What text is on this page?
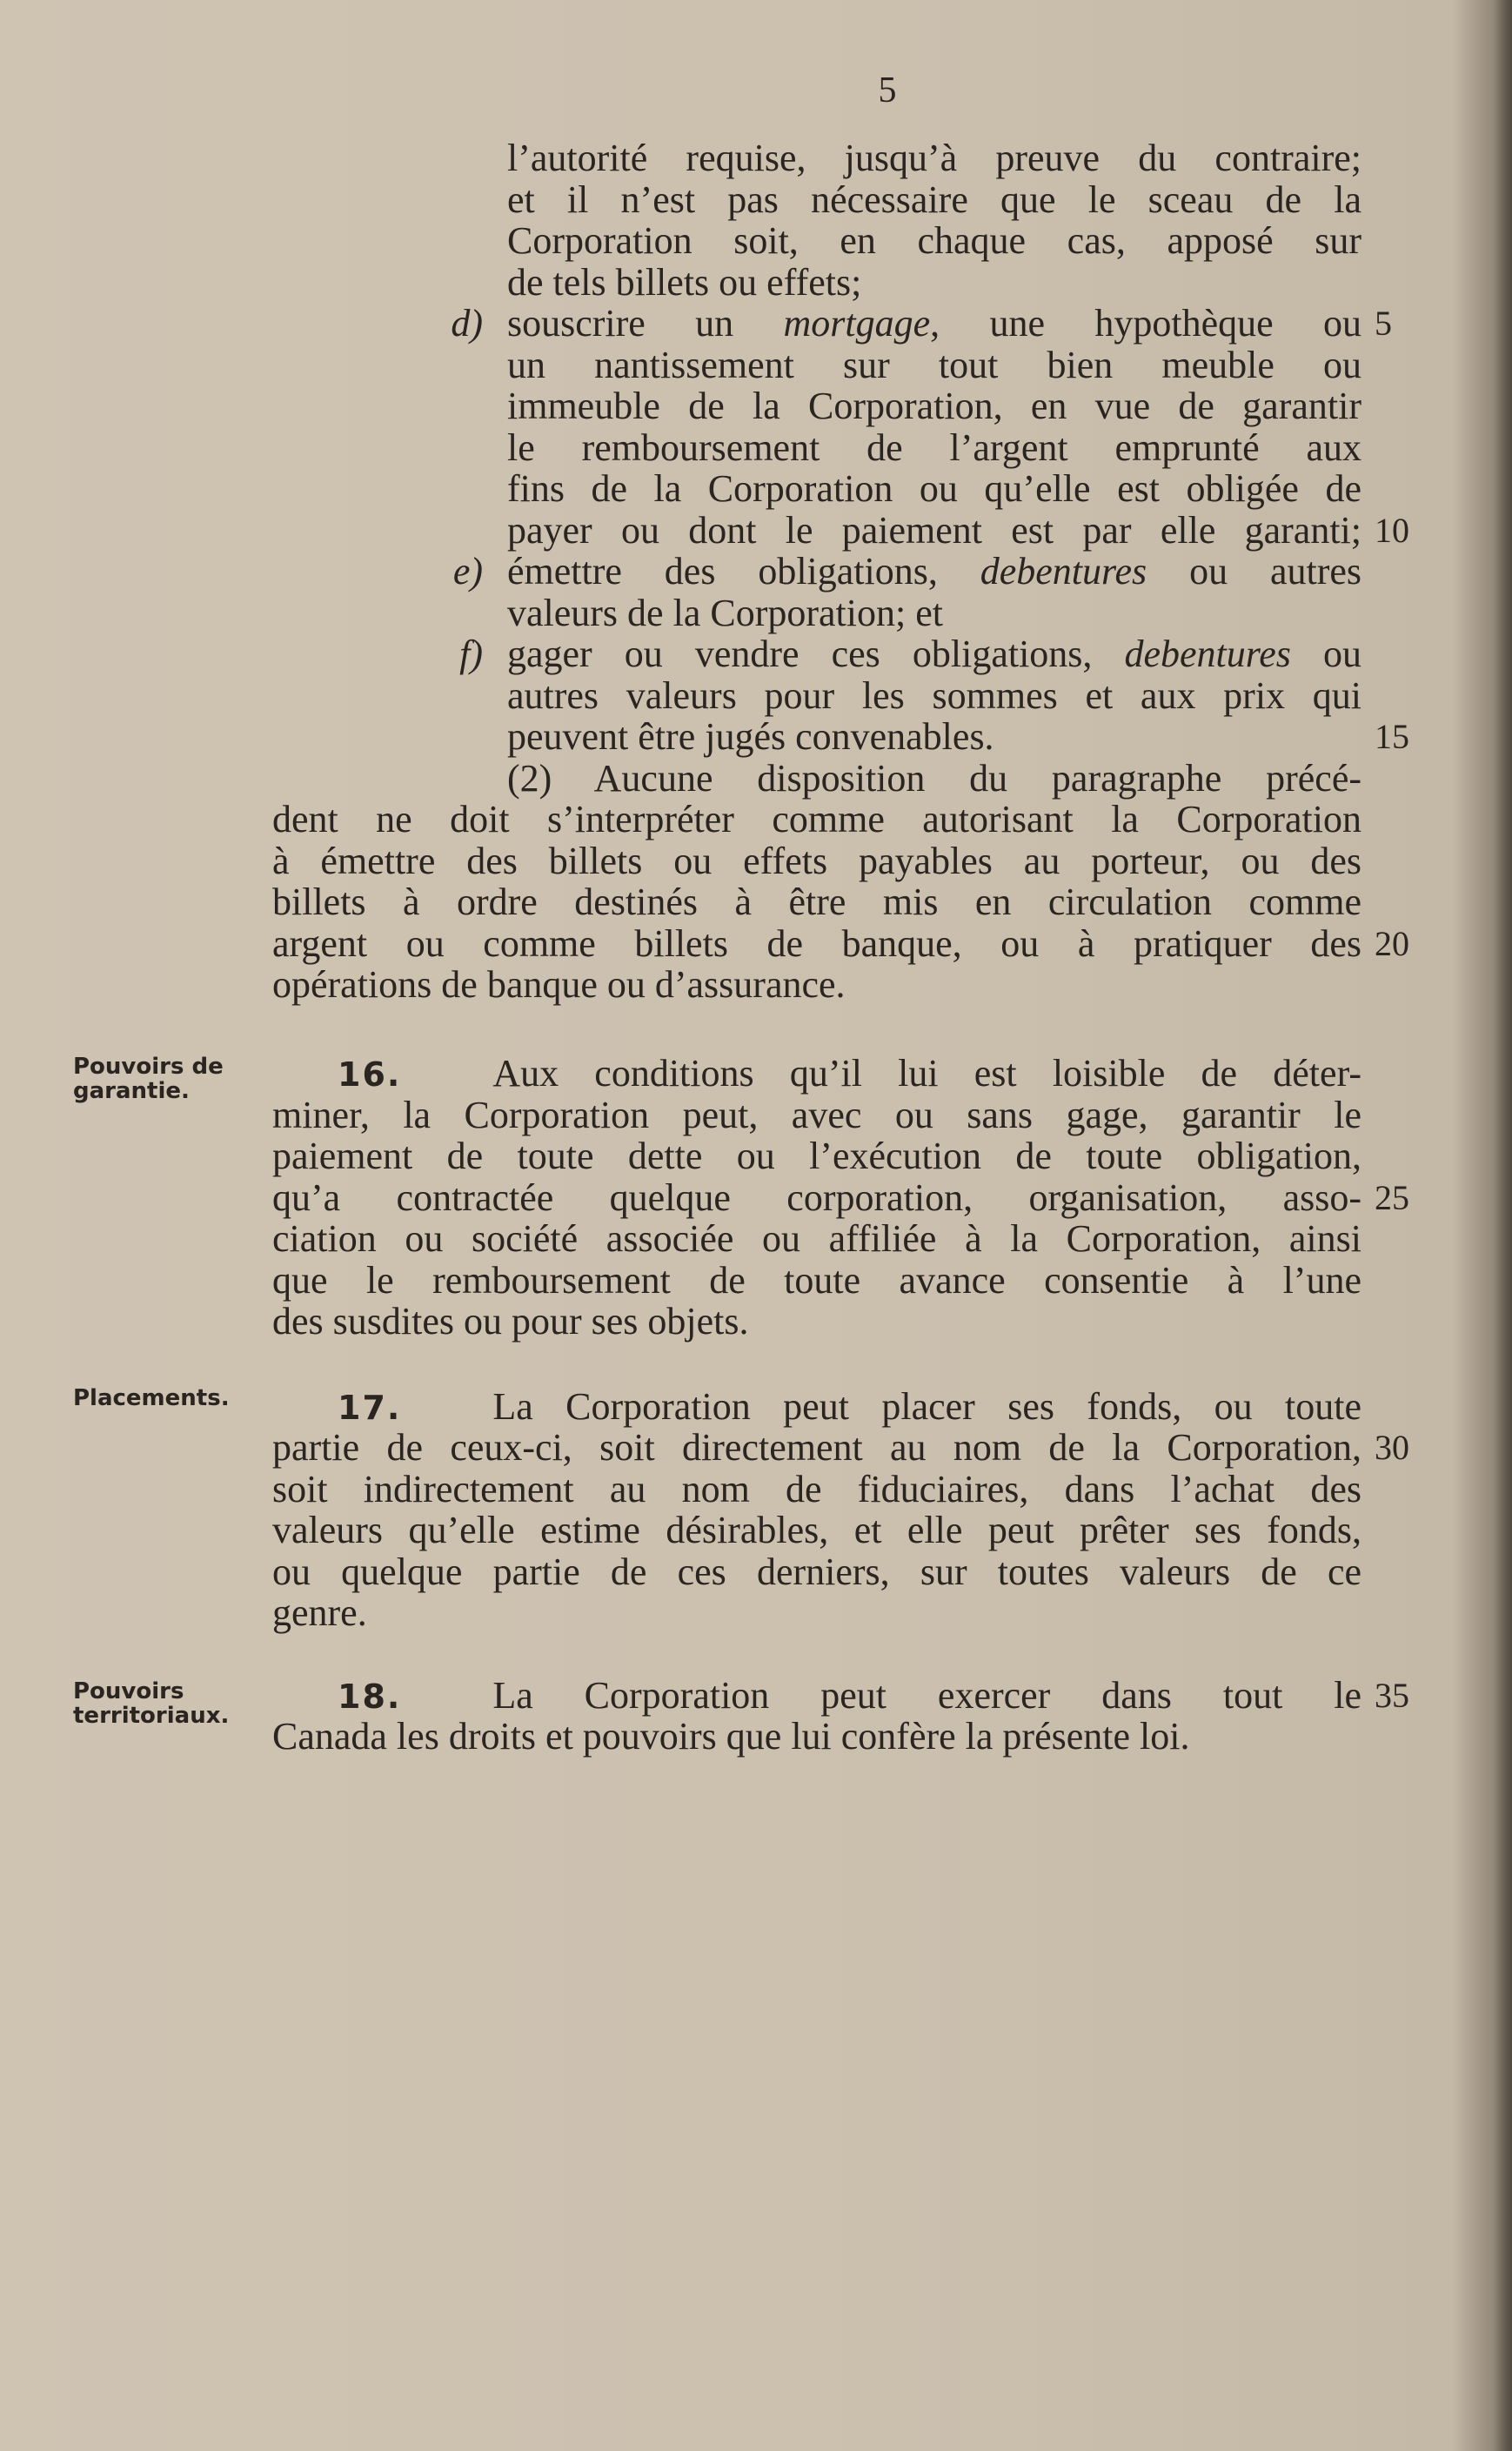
5
l’autorité requise, jusqu’à preuve du contraire;
et il n’est pas nécessaire que le sceau de la
Corporation soit, en chaque cas, apposé sur
de tels billets ou effets;
d) souscrire un mortgage, une hypothèque ou 5
un nantissement sur tout bien meuble ou
immeuble de la Corporation, en vue de garantir
le remboursement de l’argent emprunté aux
fins de la Corporation ou qu’elle est obligée de
payer ou dont le paiement est par elle garanti; 10
e) émettre des obligations, debentures ou autres
valeurs de la Corporation; et
f) gager ou vendre ces obligations, debentures ou
autres valeurs pour les sommes et aux prix qui
peuvent être jugés convenables.	15
(2) Aucune disposition du paragraphe précé-
dent ne doit s’interpréter comme autorisant la Corporation
à émettre des billets ou effets payables au porteur, ou des
billets à ordre destinés à être mis en circulation comme
argent ou comme billets de banque, ou à pratiquer des 20
opérations de banque ou d’assurance.
Pouvoirs de garantie.	16. Aux conditions qu’il lui est loisible de déter-
miner, la Corporation peut, avec ou sans gage, garantir le
paiement de toute dette ou l’exécution de toute obligation,
qu’a contractée quelque corporation, organisation, asso- 25
ciation ou société associée ou affiliée à la Corporation, ainsi
que le remboursement de toute avance consentie à l’une
des susdites ou pour ses objets.
Placements.	17. La Corporation peut placer ses fonds, ou toute
partie de ceux-ci, soit directement au nom de la Corporation, 30
soit indirectement au nom de fiduciaires, dans l’achat des
valeurs qu’elle estime désirables, et elle peut prêter ses fonds,
ou quelque partie de ces derniers, sur toutes valeurs de ce
genre.
Pouvoirs territoriaux.	18. La Corporation peut exercer dans tout le 35
Canada les droits et pouvoirs que lui confère la présente loi.
